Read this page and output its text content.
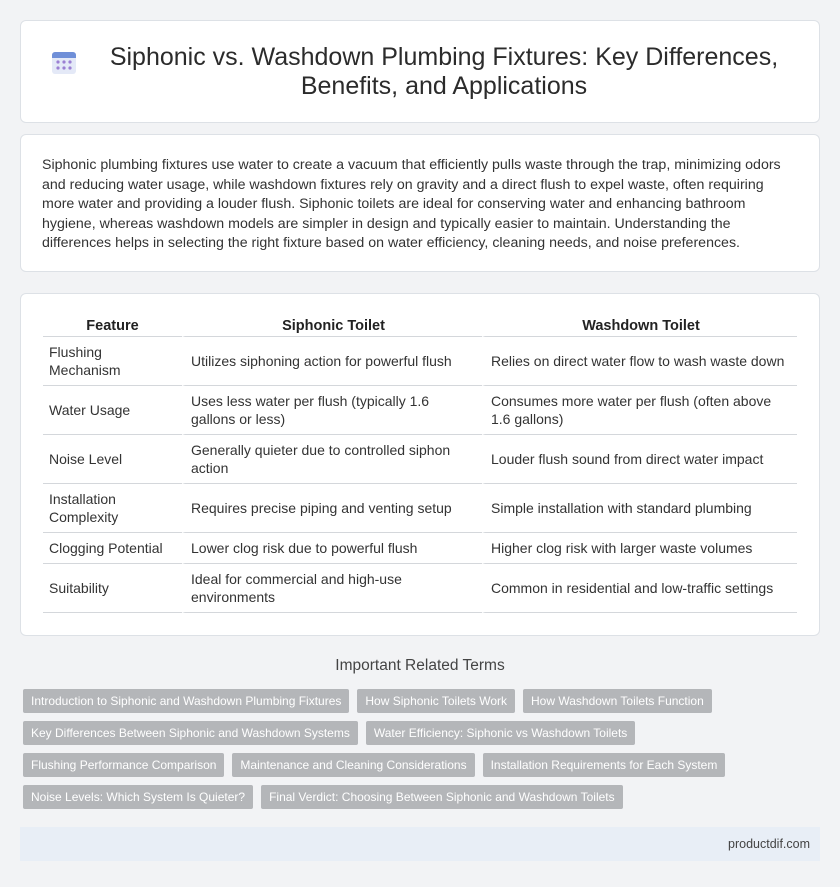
Siphonic vs. Washdown Plumbing Fixtures: Key Differences, Benefits, and Applications

Siphonic plumbing fixtures use water to create a vacuum that efficiently pulls waste through the trap, minimizing odors and reducing water usage, while washdown fixtures rely on gravity and a direct flush to expel waste, often requiring more water and providing a louder flush. Siphonic toilets are ideal for conserving water and enhancing bathroom hygiene, whereas washdown models are simpler in design and typically easier to maintain. Understanding the differences helps in selecting the right fixture based on water efficiency, cleaning needs, and noise preferences.

Feature	Siphonic Toilet	Washdown Toilet
Flushing Mechanism	Utilizes siphoning action for powerful flush	Relies on direct water flow to wash waste down
Water Usage	Uses less water per flush (typically 1.6 gallons or less)	Consumes more water per flush (often above 1.6 gallons)
Noise Level	Generally quieter due to controlled siphon action	Louder flush sound from direct water impact
Installation Complexity	Requires precise piping and venting setup	Simple installation with standard plumbing
Clogging Potential	Lower clog risk due to powerful flush	Higher clog risk with larger waste volumes
Suitability	Ideal for commercial and high-use environments	Common in residential and low-traffic settings
Important Related Terms
Introduction to Siphonic and Washdown Plumbing Fixtures	How Siphonic Toilets Work	How Washdown Toilets Function
Key Differences Between Siphonic and Washdown Systems	Water Efficiency: Siphonic vs Washdown Toilets
Flushing Performance Comparison	Maintenance and Cleaning Considerations	Installation Requirements for Each System
Noise Levels: Which System Is Quieter?	Final Verdict: Choosing Between Siphonic and Washdown Toilets
productdif.com
